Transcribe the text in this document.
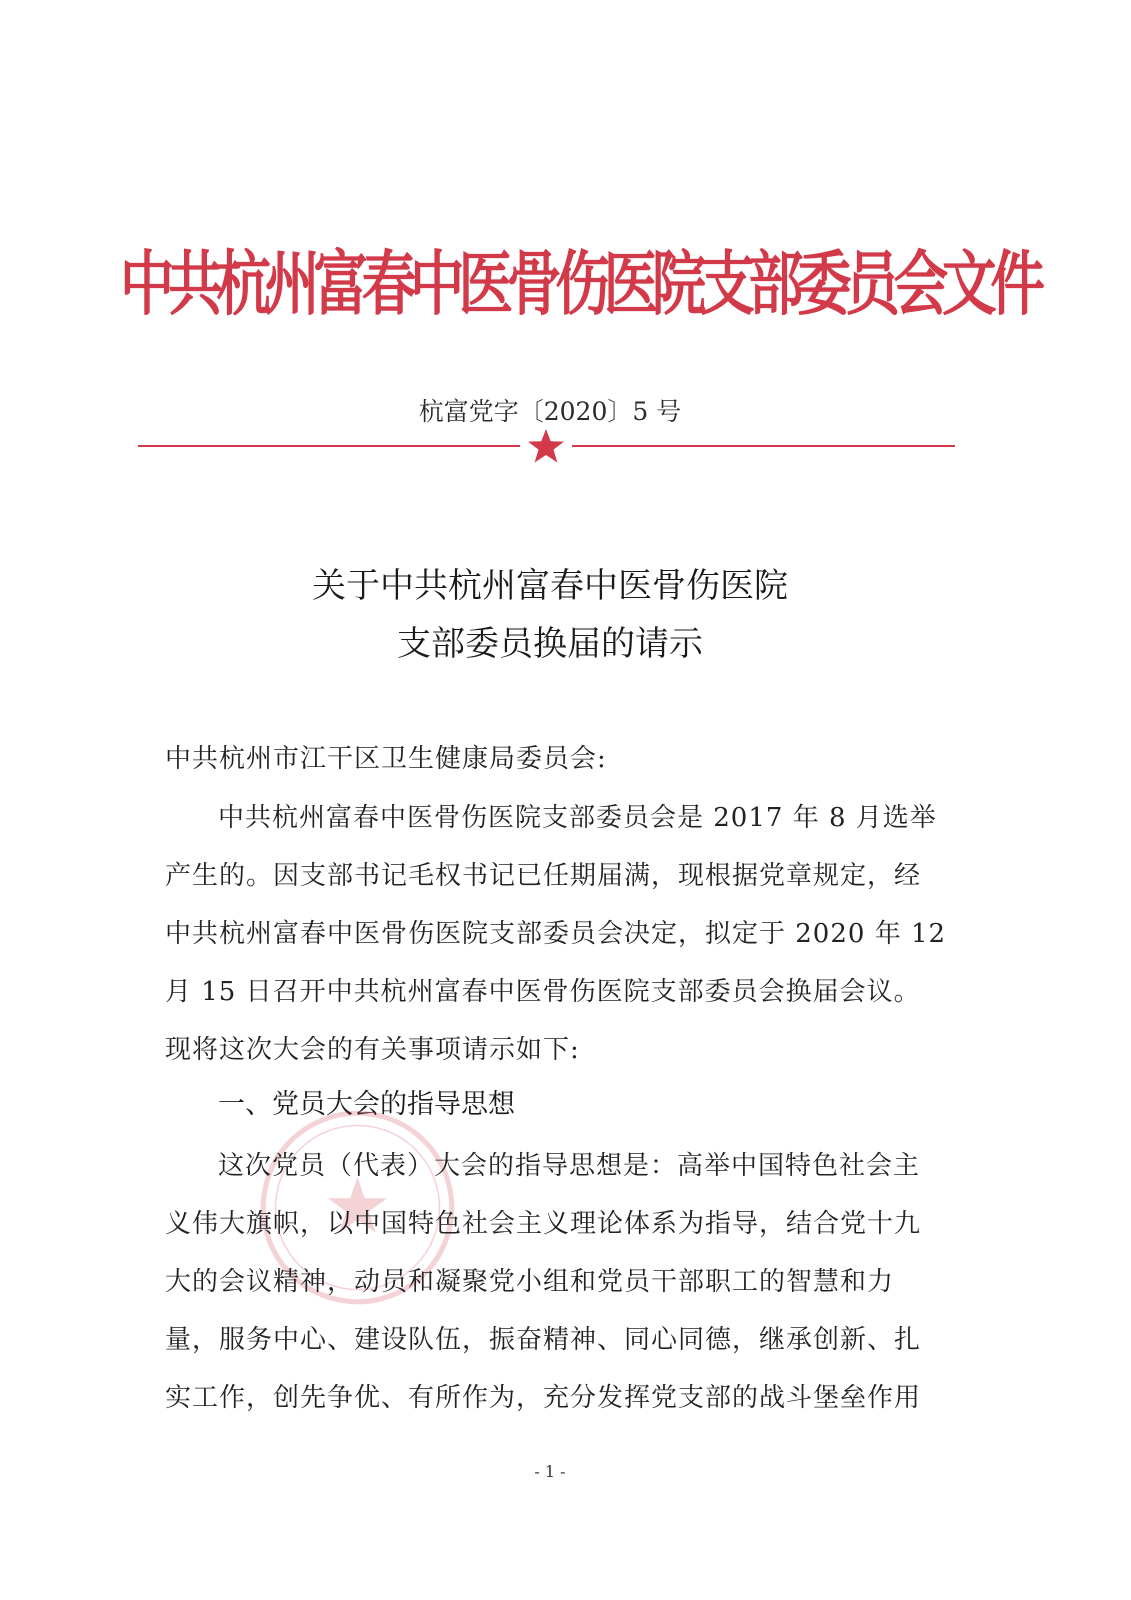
中共杭州富春中医骨伤医院支部委员会文件
杭富党字〔2020〕5 号
关于中共杭州富春中医骨伤医院
支部委员换届的请示
中共杭州市江干区卫生健康局委员会:
中共杭州富春中医骨伤医院支部委员会是 2017 年 8 月选举
产生的。因支部书记毛权书记已任期届满，现根据党章规定，经
中共杭州富春中医骨伤医院支部委员会决定，拟定于 2020 年 12
月 15 日召开中共杭州富春中医骨伤医院支部委员会换届会议。
现将这次大会的有关事项请示如下:
一、党员大会的指导思想
这次党员（代表）大会的指导思想是：高举中国特色社会主
义伟大旗帜，以中国特色社会主义理论体系为指导，结合党十九
大的会议精神，动员和凝聚党小组和党员干部职工的智慧和力
量，服务中心、建设队伍，振奋精神、同心同德，继承创新、扎
实工作，创先争优、有所作为，充分发挥党支部的战斗堡垒作用
- 1 -
